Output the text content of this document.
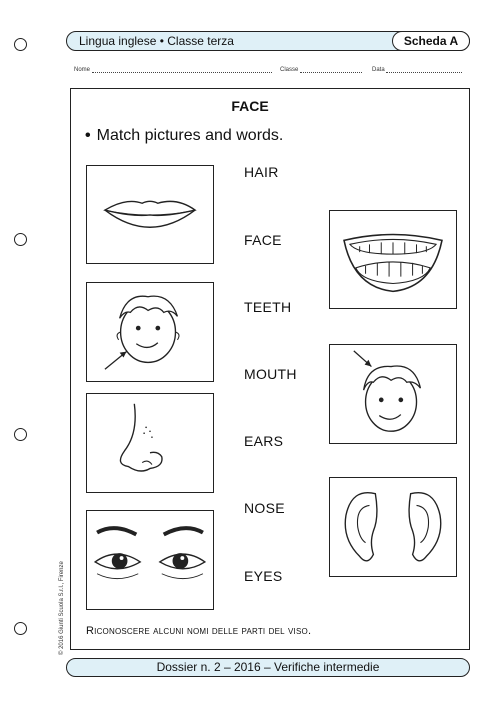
Lingua inglese • Classe terza	Scheda A
Nome	Classe	Data
FACE
• Match pictures and words.
HAIR
FACE
TEETH
MOUTH
EARS
NOSE
EYES
Riconoscere alcuni nomi delle parti del viso.
© 2016 Giunti Scuola S.r.l., Firenze
Dossier n. 2 – 2016 – Verifiche intermedie
